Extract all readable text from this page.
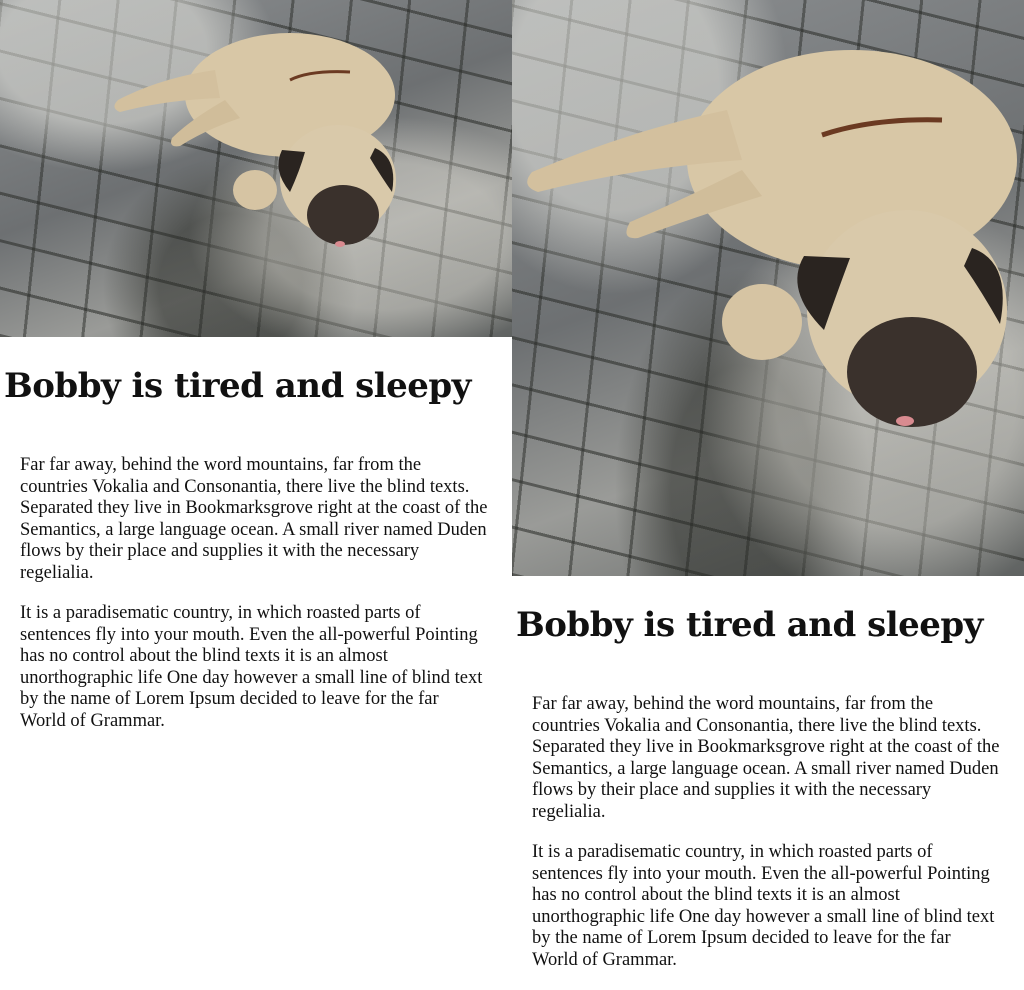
Bobby is tired and sleepy

Far far away, behind the word mountains, far from the countries Vokalia and Consonantia, there live the blind texts. Separated they live in Bookmarksgrove right at the coast of the Semantics, a large language ocean. A small river named Duden flows by their place and supplies it with the necessary regelialia.

It is a paradisematic country, in which roasted parts of sentences fly into your mouth. Even the all-powerful Pointing has no control about the blind texts it is an almost unorthographic life One day however a small line of blind text by the name of Lorem Ipsum decided to leave for the far World of Grammar.

Bobby is tired and sleepy

Far far away, behind the word mountains, far from the countries Vokalia and Consonantia, there live the blind texts. Separated they live in Bookmarksgrove right at the coast of the Semantics, a large language ocean. A small river named Duden flows by their place and supplies it with the necessary regelialia.

It is a paradisematic country, in which roasted parts of sentences fly into your mouth. Even the all-powerful Pointing has no control about the blind texts it is an almost unorthographic life One day however a small line of blind text by the name of Lorem Ipsum decided to leave for the far World of Grammar.
